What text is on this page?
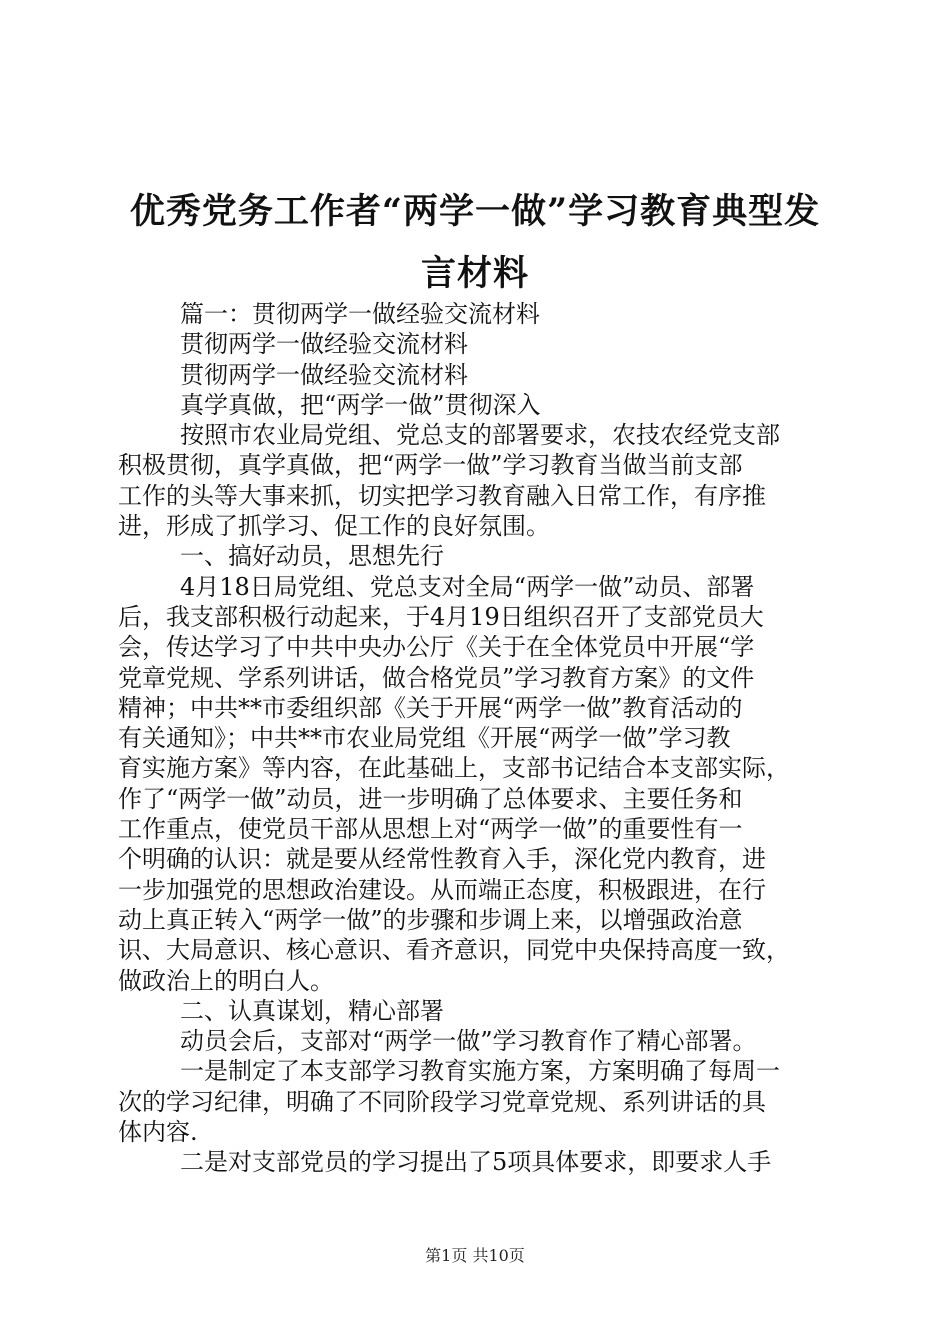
优秀党务工作者“两学一做”学习教育典型发
言材料
篇一：贯彻两学一做经验交流材料
贯彻两学一做经验交流材料
贯彻两学一做经验交流材料
真学真做，把“两学一做”贯彻深入
按照市农业局党组、党总支的部署要求，农技农经党支部
积极贯彻，真学真做，把“两学一做”学习教育当做当前支部
工作的头等大事来抓，切实把学习教育融入日常工作，有序推
进，形成了抓学习、促工作的良好氛围。
一、搞好动员，思想先行
4月18日局党组、党总支对全局“两学一做”动员、部署
后，我支部积极行动起来，于4月19日组织召开了支部党员大
会，传达学习了中共中央办公厅《关于在全体党员中开展“学
党章党规、学系列讲话，做合格党员”学习教育方案》的文件
精神；中共**市委组织部《关于开展“两学一做”教育活动的
有关通知》；中共**市农业局党组《开展“两学一做”学习教
育实施方案》等内容，在此基础上，支部书记结合本支部实际，
作了“两学一做”动员，进一步明确了总体要求、主要任务和
工作重点，使党员干部从思想上对“两学一做”的重要性有一
个明确的认识：就是要从经常性教育入手，深化党内教育，进
一步加强党的思想政治建设。从而端正态度，积极跟进，在行
动上真正转入“两学一做”的步骤和步调上来，以增强政治意
识、大局意识、核心意识、看齐意识，同党中央保持高度一致，
做政治上的明白人。
二、认真谋划，精心部署
动员会后，支部对“两学一做”学习教育作了精心部署。
一是制定了本支部学习教育实施方案，方案明确了每周一
次的学习纪律，明确了不同阶段学习党章党规、系列讲话的具
体内容.
二是对支部党员的学习提出了5项具体要求，即要求人手
第1页 共10页
